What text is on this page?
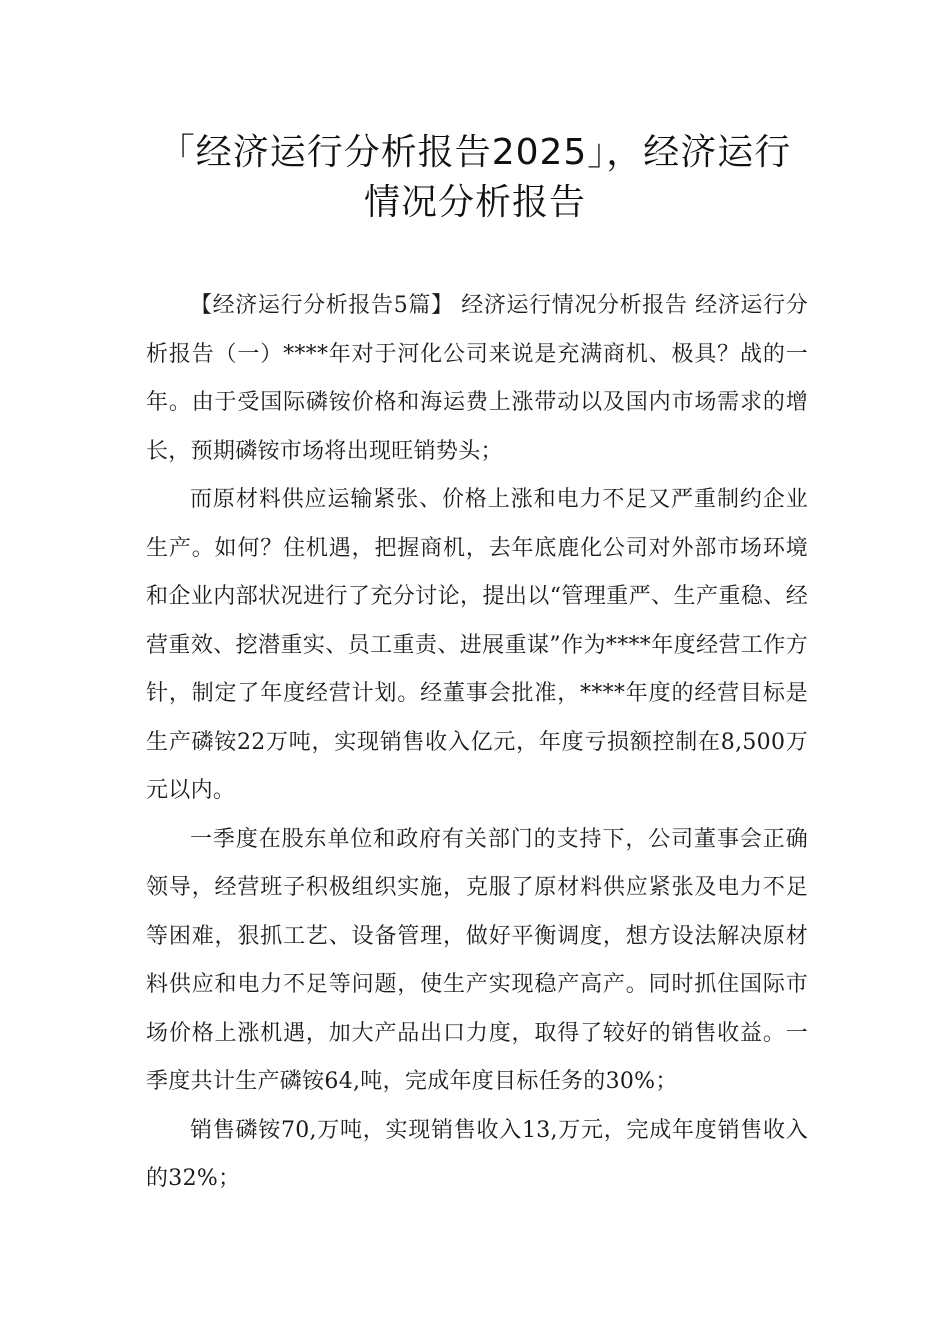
「经济运行分析报告2025」，经济运行
情况分析报告

【经济运行分析报告5篇】 经济运行情况分析报告 经济运行分析报告（一）****年对于河化公司来说是充满商机、极具？战的一年。由于受国际磷铵价格和海运费上涨带动以及国内市场需求的增长，预期磷铵市场将出现旺销势头；

而原材料供应运输紧张、价格上涨和电力不足又严重制约企业生产。如何？住机遇，把握商机，去年底鹿化公司对外部市场环境和企业内部状况进行了充分讨论，提出以“管理重严、生产重稳、经营重效、挖潜重实、员工重责、进展重谋”作为****年度经营工作方针，制定了年度经营计划。经董事会批准，****年度的经营目标是生产磷铵22万吨，实现销售收入亿元，年度亏损额控制在8,500万元以内。

一季度在股东单位和政府有关部门的支持下，公司董事会正确领导，经营班子积极组织实施，克服了原材料供应紧张及电力不足等困难，狠抓工艺、设备管理，做好平衡调度，想方设法解决原材料供应和电力不足等问题，使生产实现稳产高产。同时抓住国际市场价格上涨机遇，加大产品出口力度，取得了较好的销售收益。一季度共计生产磷铵64,吨，完成年度目标任务的30%；

销售磷铵70,万吨，实现销售收入13,万元，完成年度销售收入的32%；
